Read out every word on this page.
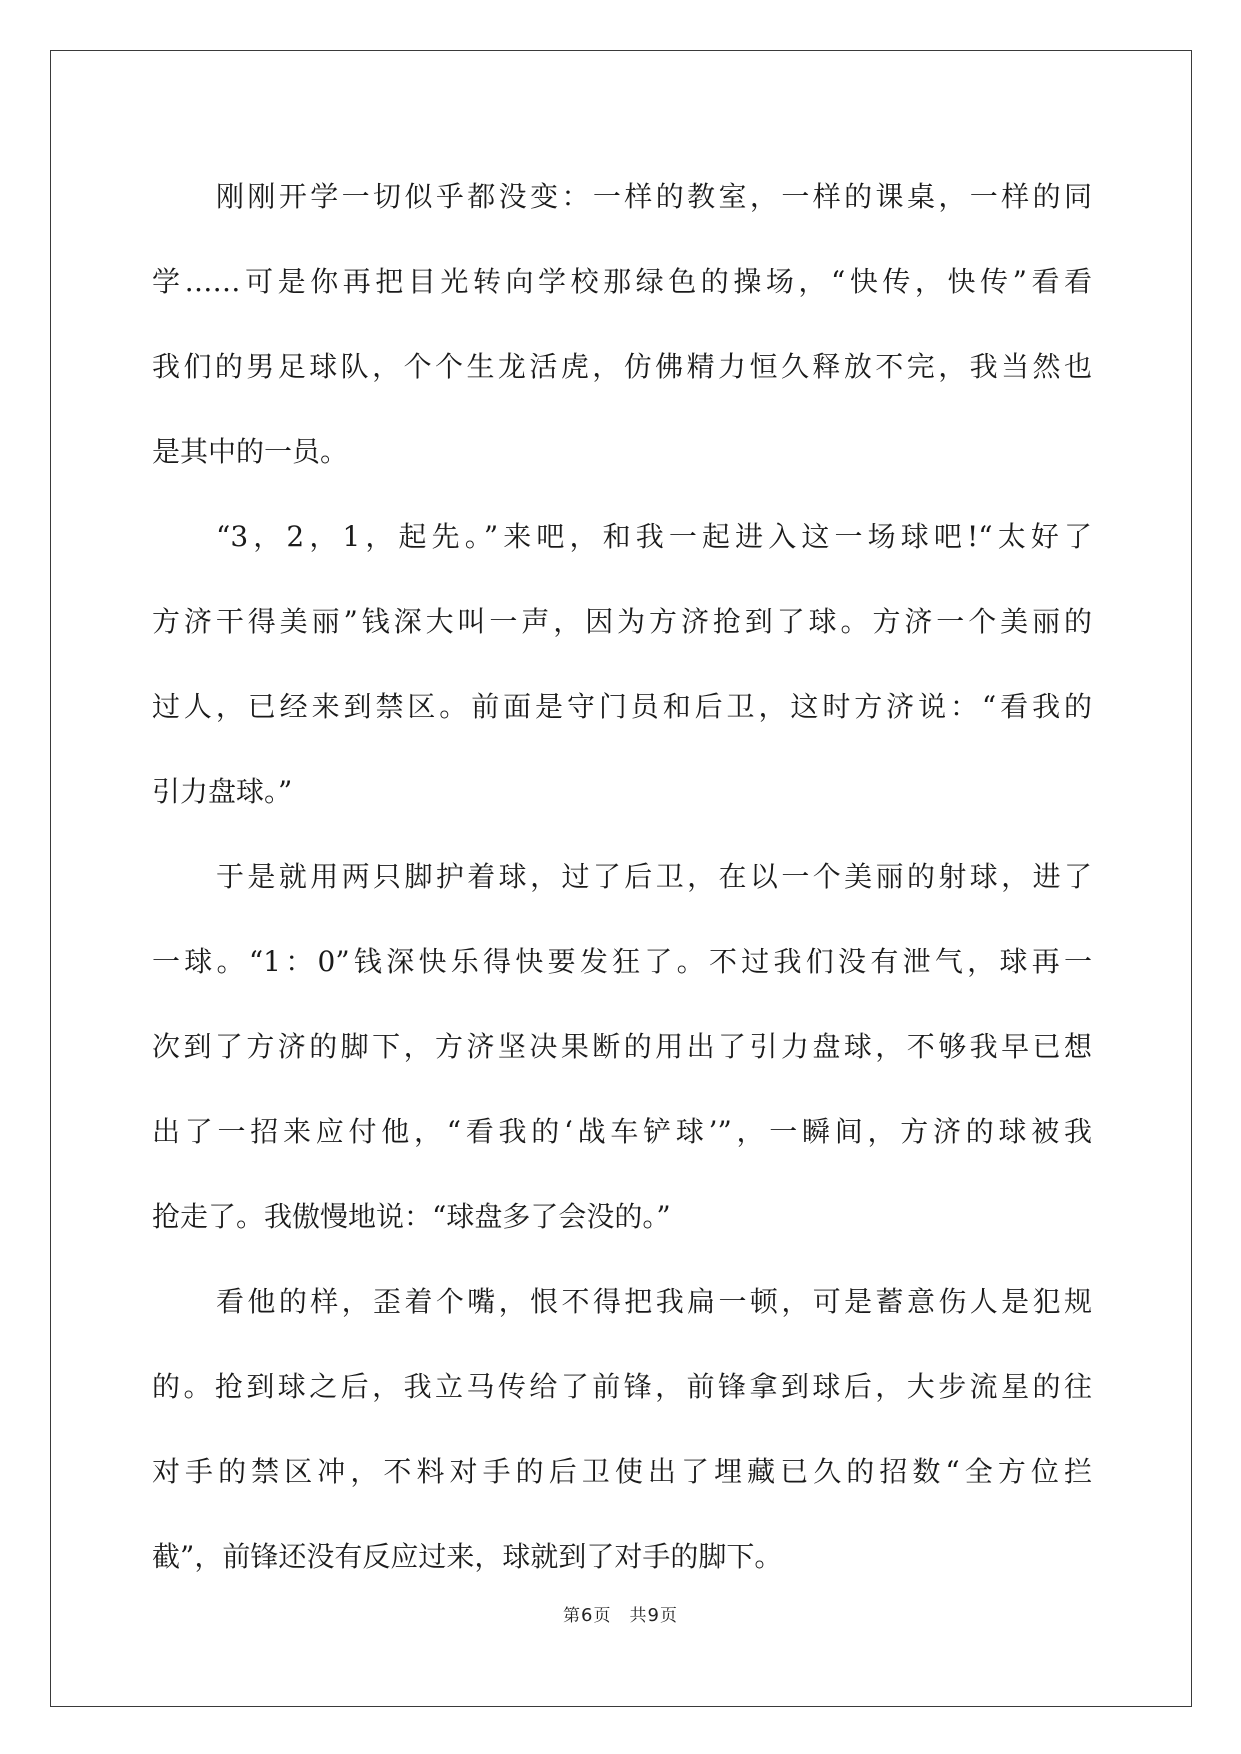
刚刚开学一切似乎都没变：一样的教室，一样的课桌，一样的同
学……可是你再把目光转向学校那绿色的操场，“快传，快传”看看
我们的男足球队，个个生龙活虎，仿佛精力恒久释放不完，我当然也
是其中的一员。
“3，2，1，起先。”来吧，和我一起进入这一场球吧!“太好了
方济干得美丽”钱深大叫一声，因为方济抢到了球。方济一个美丽的
过人，已经来到禁区。前面是守门员和后卫，这时方济说：“看我的
引力盘球。”
于是就用两只脚护着球，过了后卫，在以一个美丽的射球，进了
一球。“1：0”钱深快乐得快要发狂了。不过我们没有泄气，球再一
次到了方济的脚下，方济坚决果断的用出了引力盘球，不够我早已想
出了一招来应付他，“看我的‘战车铲球’”，一瞬间，方济的球被我
抢走了。我傲慢地说：“球盘多了会没的。”
看他的样，歪着个嘴，恨不得把我扁一顿，可是蓄意伤人是犯规
的。抢到球之后，我立马传给了前锋，前锋拿到球后，大步流星的往
对手的禁区冲，不料对手的后卫使出了埋藏已久的招数“全方位拦
截”，前锋还没有反应过来，球就到了对手的脚下。
第6页 共9页
